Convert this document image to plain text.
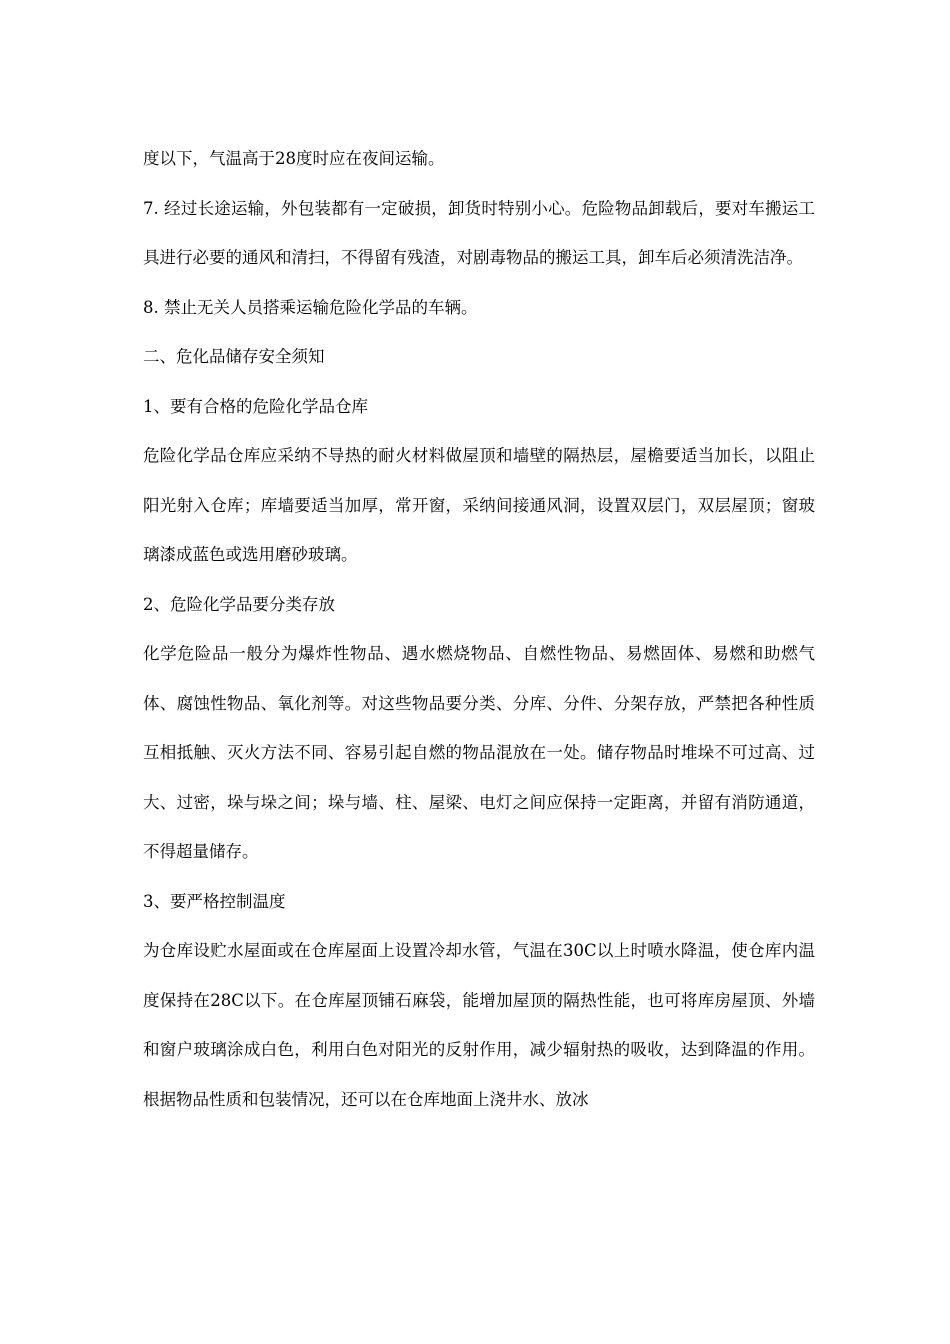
度以下，气温高于28度时应在夜间运输。

7. 经过长途运输，外包装都有一定破损，卸货时特别小心。危险物品卸载后，要对车搬运工具进行必要的通风和清扫，不得留有残渣，对剧毒物品的搬运工具，卸车后必须清洗洁净。

8. 禁止无关人员搭乘运输危险化学品的车辆。

二、危化品储存安全须知

1、要有合格的危险化学品仓库

危险化学品仓库应采纳不导热的耐火材料做屋顶和墙壁的隔热层，屋檐要适当加长，以阻止阳光射入仓库；库墙要适当加厚，常开窗，采纳间接通风洞，设置双层门，双层屋顶；窗玻璃漆成蓝色或选用磨砂玻璃。

2、危险化学品要分类存放

化学危险品一般分为爆炸性物品、遇水燃烧物品、自燃性物品、易燃固体、易燃和助燃气体、腐蚀性物品、氧化剂等。对这些物品要分类、分库、分件、分架存放，严禁把各种性质互相抵触、灭火方法不同、容易引起自燃的物品混放在一处。储存物品时堆垛不可过高、过大、过密，垛与垛之间；垛与墙、柱、屋梁、电灯之间应保持一定距离，并留有消防通道，不得超量储存。

3、要严格控制温度

为仓库设贮水屋面或在仓库屋面上设置冷却水管，气温在30C以上时喷水降温，使仓库内温度保持在28C以下。在仓库屋顶铺石麻袋，能增加屋顶的隔热性能，也可将库房屋顶、外墙和窗户玻璃涂成白色，利用白色对阳光的反射作用，减少辐射热的吸收，达到降温的作用。根据物品性质和包装情况，还可以在仓库地面上浇井水、放冰
